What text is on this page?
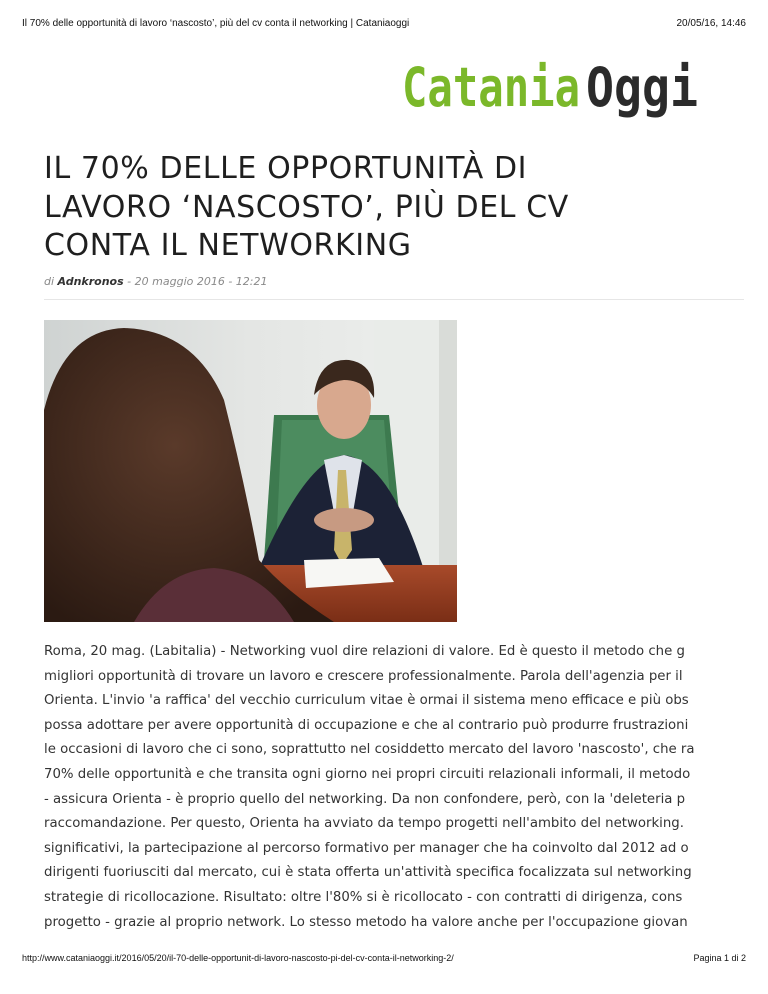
Il 70% delle opportunità di lavoro ‘nascosto’, più del cv conta il networking | Cataniaoggi	20/05/16, 14:46
Catania Oggi
IL 70% DELLE OPPORTUNITÀ DI
LAVORO ‘NASCOSTO’, PIÙ DEL CV
CONTA IL NETWORKING
di Adnkronos - 20 maggio 2016 - 12:21
Roma, 20 mag. (Labitalia) - Networking vuol dire relazioni di valore. Ed è questo il metodo che g
migliori opportunità di trovare un lavoro e crescere professionalmente. Parola dell'agenzia per il
Orienta. L'invio 'a raffica' del vecchio curriculum vitae è ormai il sistema meno efficace e più obs
possa adottare per avere opportunità di occupazione e che al contrario può produrre frustrazioni
le occasioni di lavoro che ci sono, soprattutto nel cosiddetto mercato del lavoro 'nascosto', che ra
70% delle opportunità e che transita ogni giorno nei propri circuiti relazionali informali, il metodo
- assicura Orienta - è proprio quello del networking. Da non confondere, però, con la 'deleteria p
raccomandazione. Per questo, Orienta ha avviato da tempo progetti nell'ambito del networking.
significativi, la partecipazione al percorso formativo per manager che ha coinvolto dal 2012 ad o
dirigenti fuoriusciti dal mercato, cui è stata offerta un'attività specifica focalizzata sul networking
strategie di ricollocazione. Risultato: oltre l'80% si è ricollocato - con contratti di dirigenza, cons
progetto - grazie al proprio network. Lo stesso metodo ha valore anche per l'occupazione giovan
http://www.cataniaoggi.it/2016/05/20/il-70-delle-opportunit-di-lavoro-nascosto-pi-del-cv-conta-il-networking-2/	Pagina 1 di 2
